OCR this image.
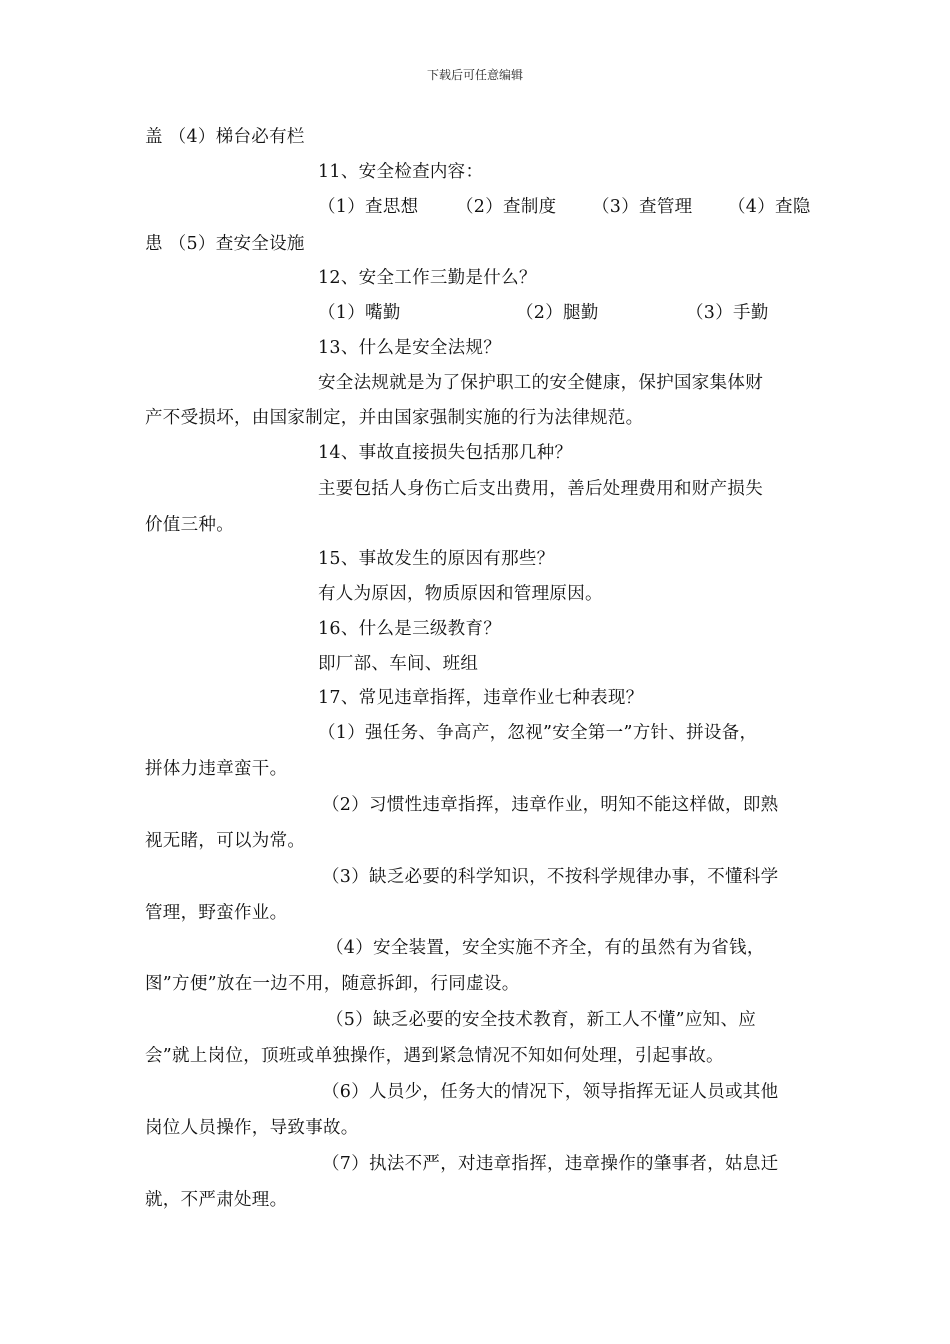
下载后可任意编辑
盖 （4）梯台必有栏
11、安全检查内容：
（1）查思想	（2）查制度	（3）查管理	（4）查隐
患 （5）查安全设施
12、安全工作三勤是什么？
（1）嘴勤	（2）腿勤	（3）手勤
13、什么是安全法规？
安全法规就是为了保护职工的安全健康，保护国家集体财
产不受损坏，由国家制定，并由国家强制实施的行为法律规范。
14、事故直接损失包括那几种？
主要包括人身伤亡后支出费用，善后处理费用和财产损失
价值三种。
15、事故发生的原因有那些？
有人为原因，物质原因和管理原因。
16、什么是三级教育？
即厂部、车间、班组
17、常见违章指挥，违章作业七种表现？
（1）强任务、争高产，忽视”安全第一”方针、拼设备，
拼体力违章蛮干。
（2）习惯性违章指挥，违章作业，明知不能这样做，即熟
视无睹，可以为常。
（3）缺乏必要的科学知识，不按科学规律办事，不懂科学
管理，野蛮作业。
（4）安全装置，安全实施不齐全，有的虽然有为省钱，
图”方便”放在一边不用，随意拆卸，行同虚设。
（5）缺乏必要的安全技术教育，新工人不懂”应知、应
会”就上岗位，顶班或单独操作，遇到紧急情况不知如何处理，引起事故。
（6）人员少，任务大的情况下，领导指挥无证人员或其他
岗位人员操作，导致事故。
（7）执法不严，对违章指挥，违章操作的肇事者，姑息迁
就，不严肃处理。
